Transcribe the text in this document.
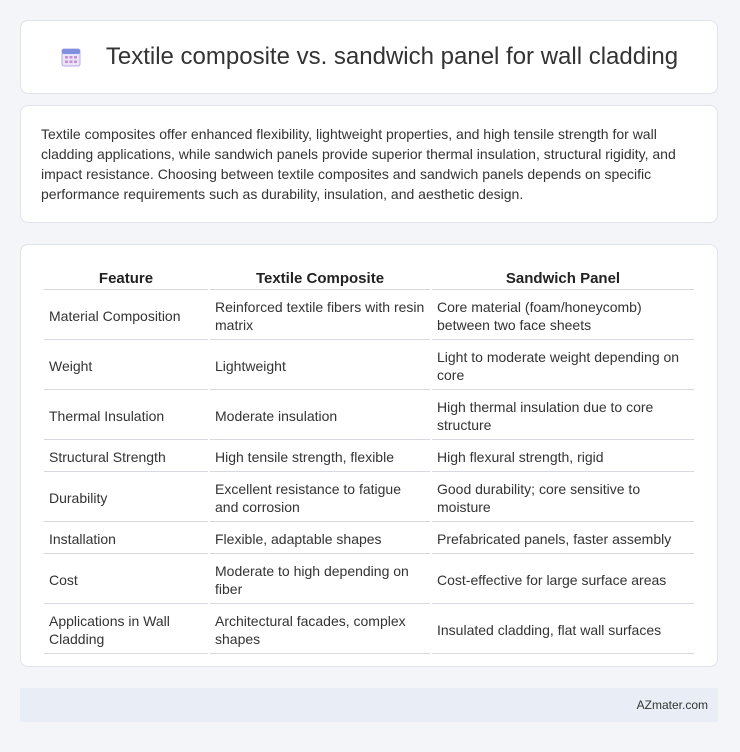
Textile composite vs. sandwich panel for wall cladding

Textile composites offer enhanced flexibility, lightweight properties, and high tensile strength for wall cladding applications, while sandwich panels provide superior thermal insulation, structural rigidity, and impact resistance. Choosing between textile composites and sandwich panels depends on specific performance requirements such as durability, insulation, and aesthetic design.

Feature	Textile Composite	Sandwich Panel
Material Composition	Reinforced textile fibers with resin matrix	Core material (foam/honeycomb) between two face sheets
Weight	Lightweight	Light to moderate weight depending on core
Thermal Insulation	Moderate insulation	High thermal insulation due to core structure
Structural Strength	High tensile strength, flexible	High flexural strength, rigid
Durability	Excellent resistance to fatigue and corrosion	Good durability; core sensitive to moisture
Installation	Flexible, adaptable shapes	Prefabricated panels, faster assembly
Cost	Moderate to high depending on fiber	Cost-effective for large surface areas
Applications in Wall Cladding	Architectural facades, complex shapes	Insulated cladding, flat wall surfaces
AZmater.com
